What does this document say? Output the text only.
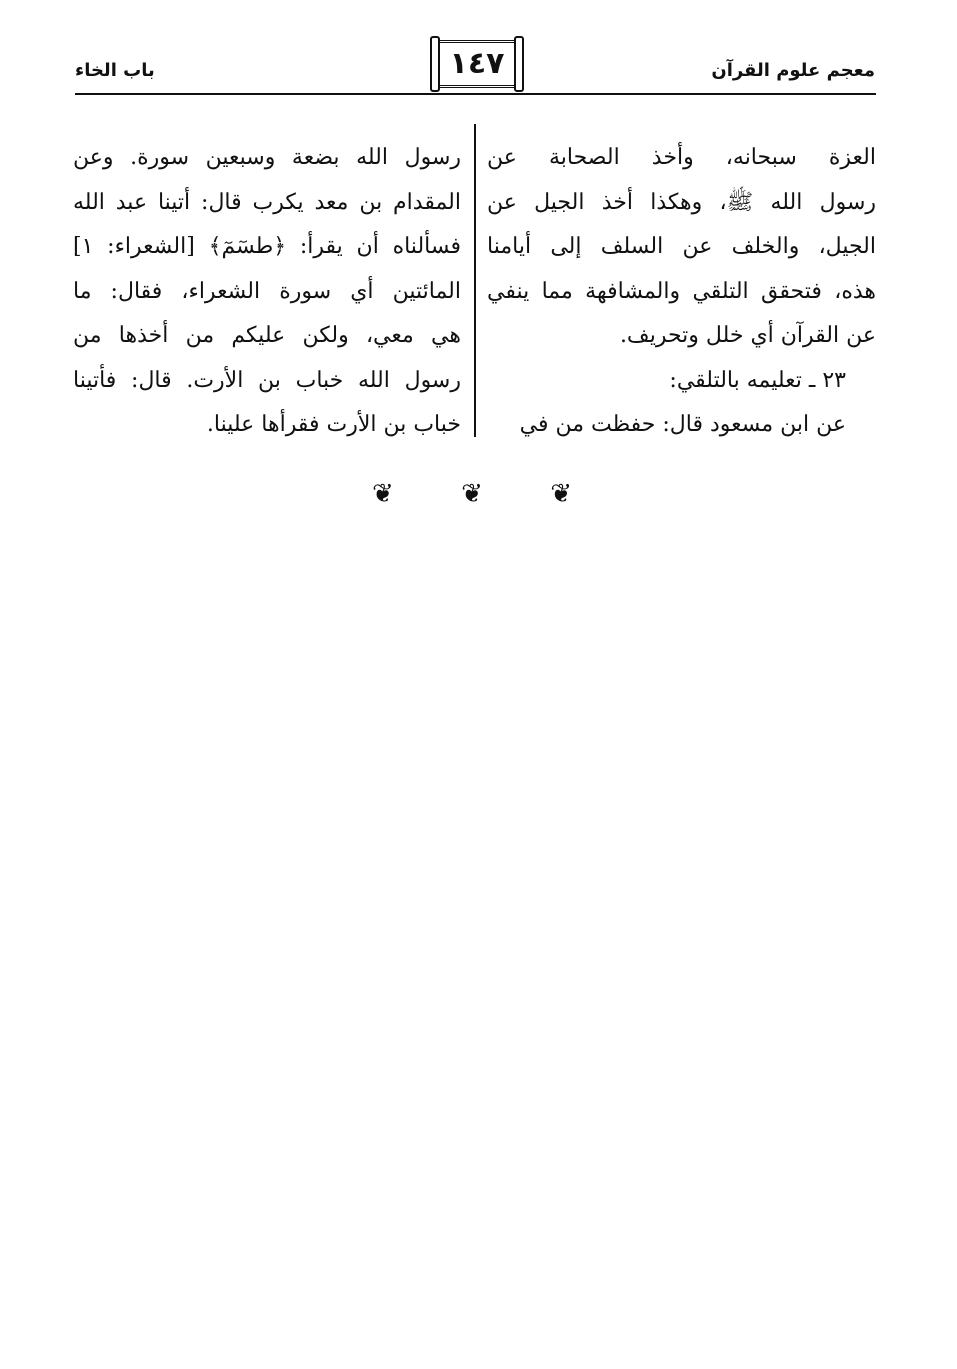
معجم علوم القرآن
١٤٧
باب الخاء

العزة سبحانه، وأخذ الصحابة عن
رسول الله ﷺ، وهكذا أخذ الجيل عن
الجيل، والخلف عن السلف إلى أيامنا
هذه، فتحقق التلقي والمشافهة مما ينفي
عن القرآن أي خلل وتحريف.
٢٣ ـ تعليمه بالتلقي:
عن ابن مسعود قال: حفظت من في

رسول الله بضعة وسبعين سورة. وعن
المقدام بن معد يكرب قال: أتينا عبد الله
فسألناه أن يقرأ: ﴿طسٓمٓ﴾ [الشعراء: ١]
المائتين أي سورة الشعراء، فقال: ما
هي معي، ولكن عليكم من أخذها من
رسول الله خباب بن الأرت. قال: فأتينا
خباب بن الأرت فقرأها علينا.

❦	❦	❦
